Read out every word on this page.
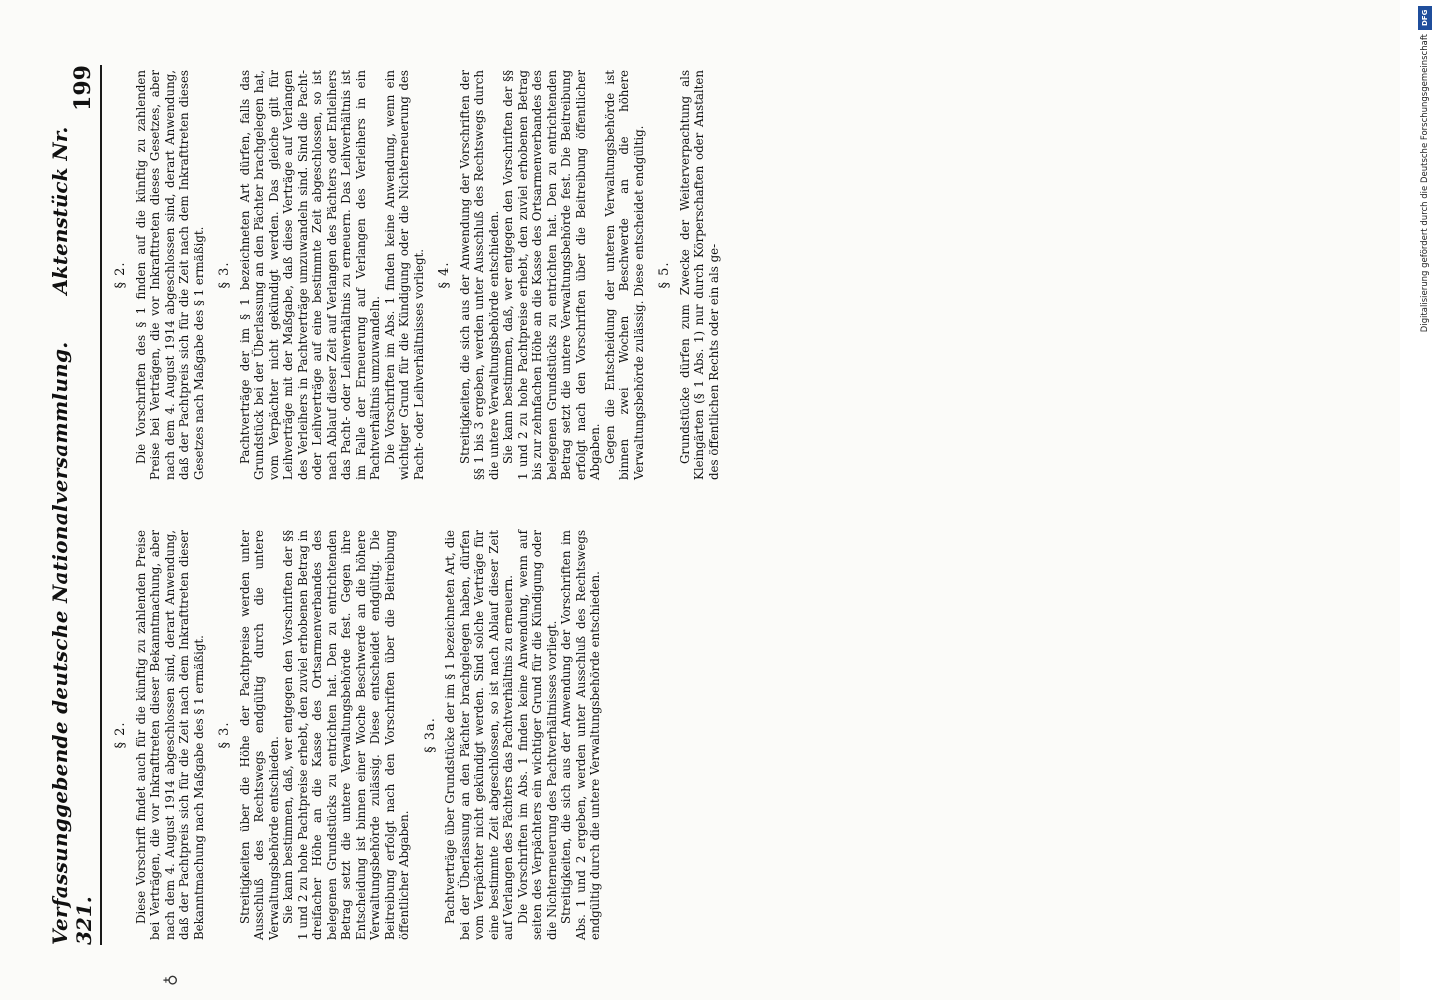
Verfassunggebende deutsche Nationalversammlung. Aktenstück Nr. 321.
199
♁
§ 2. Diese Vorschrift findet auch für die künftig zu zahlenden Preise bei Verträgen, die vor Inkrafttreten dieser Bekanntmachung, aber nach dem 4. August 1914 abgeschlossen sind, derart Anwendung, daß der Pachtpreis sich für die Zeit nach dem Inkrafttreten dieser Bekanntmachung nach Maßgabe des § 1 ermäßigt. § 3. Streitigkeiten über die Höhe der Pachtpreise werden unter Ausschluß des Rechtswegs endgültig durch die untere Verwaltungsbehörde entschieden. Sie kann bestimmen, daß, wer entgegen den Vorschriften der §§ 1 und 2 zu hohe Pachtpreise erhebt, den zuviel erhobenen Betrag in dreifacher Höhe an die Kasse des Ortsarmenverbandes des belegenen Grundstücks zu entrichten hat. Den zu entrichtenden Betrag setzt die untere Verwaltungsbehörde fest. Gegen ihre Entscheidung ist binnen einer Woche Beschwerde an die höhere Verwaltungsbehörde zulässig. Diese entscheidet endgültig. Die Beitreibung erfolgt nach den Vorschriften über die Beitreibung öffentlicher Abgaben.

§ 3a. Pachtverträge über Grundstücke der im § 1 bezeichneten Art, die bei der Überlassung an den Pächter brachgelegen haben, dürfen vom Verpächter nicht gekündigt werden. Sind solche Verträge für eine bestimmte Zeit abgeschlossen, so ist nach Ablauf dieser Zeit auf Verlangen des Pächters das Pachtverhältnis zu erneuern. Die Vorschriften im Abs. 1 finden keine Anwendung, wenn auf seiten des Verpächters ein wichtiger Grund für die Kündigung oder die Nichterneuerung des Pachtverhältnisses vorliegt. Streitigkeiten, die sich aus der Anwendung der Vorschriften im Abs. 1 und 2 ergeben, werden unter Ausschluß des Rechtswegs endgültig durch die untere Verwaltungsbehörde entschieden.

§ 2. Die Vorschriften des § 1 finden auf die künftig zu zahlenden Preise bei Verträgen, die vor Inkrafttreten dieses Gesetzes, aber nach dem 4. August 1914 abgeschlossen sind, derart Anwendung, daß der Pachtpreis sich für die Zeit nach dem Inkrafttreten dieses Gesetzes nach Maßgabe des § 1 ermäßigt. § 3. Pachtverträge der im § 1 bezeichneten Art dürfen, falls das Grundstück bei der Überlassung an den Pächter brachgelegen hat, vom Verpächter nicht gekündigt werden. Das gleiche gilt für Leihverträge mit der Maßgabe, daß diese Verträge auf Verlangen des Verleihers in Pachtverträge umzuwandeln sind. Sind die Pacht- oder Leihverträge auf eine bestimmte Zeit abgeschlossen, so ist nach Ablauf dieser Zeit auf Verlangen des Pächters oder Entleihers das Pacht- oder Leihverhältnis zu erneuern. Das Leihverhältnis ist im Falle der Erneuerung auf Verlangen des Verleihers in ein Pachtverhältnis umzuwandeln. Die Vorschriften im Abs. 1 finden keine Anwendung, wenn ein wichtiger Grund für die Kündigung oder die Nichterneuerung des Pacht- oder Leihverhältnisses vorliegt. § 4. Streitigkeiten, die sich aus der Anwendung der Vorschriften der §§ 1 bis 3 ergeben, werden unter Ausschluß des Rechtswegs durch die untere Verwaltungsbehörde entschieden. Sie kann bestimmen, daß, wer entgegen den Vorschriften der §§ 1 und 2 zu hohe Pachtpreise erhebt, den zuviel erhobenen Betrag bis zur zehnfachen Höhe an die Kasse des Ortsarmenverbandes des belegenen Grundstücks zu entrichten hat. Den zu entrichtenden Betrag setzt die untere Verwaltungsbehörde fest. Die Beitreibung erfolgt nach den Vorschriften über die Beitreibung öffentlicher Abgaben. Gegen die Entscheidung der unteren Verwaltungsbehörde ist binnen zwei Wochen Beschwerde an die höhere Verwaltungsbehörde zulässig. Diese entscheidet endgültig. § 5. Grundstücke dürfen zum Zwecke der Weiterverpachtung als Kleingärten (§ 1 Abs. 1) nur durch Körperschaften oder Anstalten des öffentlichen Rechts oder ein als ge-

DFG
Digitalisierung gefördert durch die Deutsche Forschungsgemeinschaft
